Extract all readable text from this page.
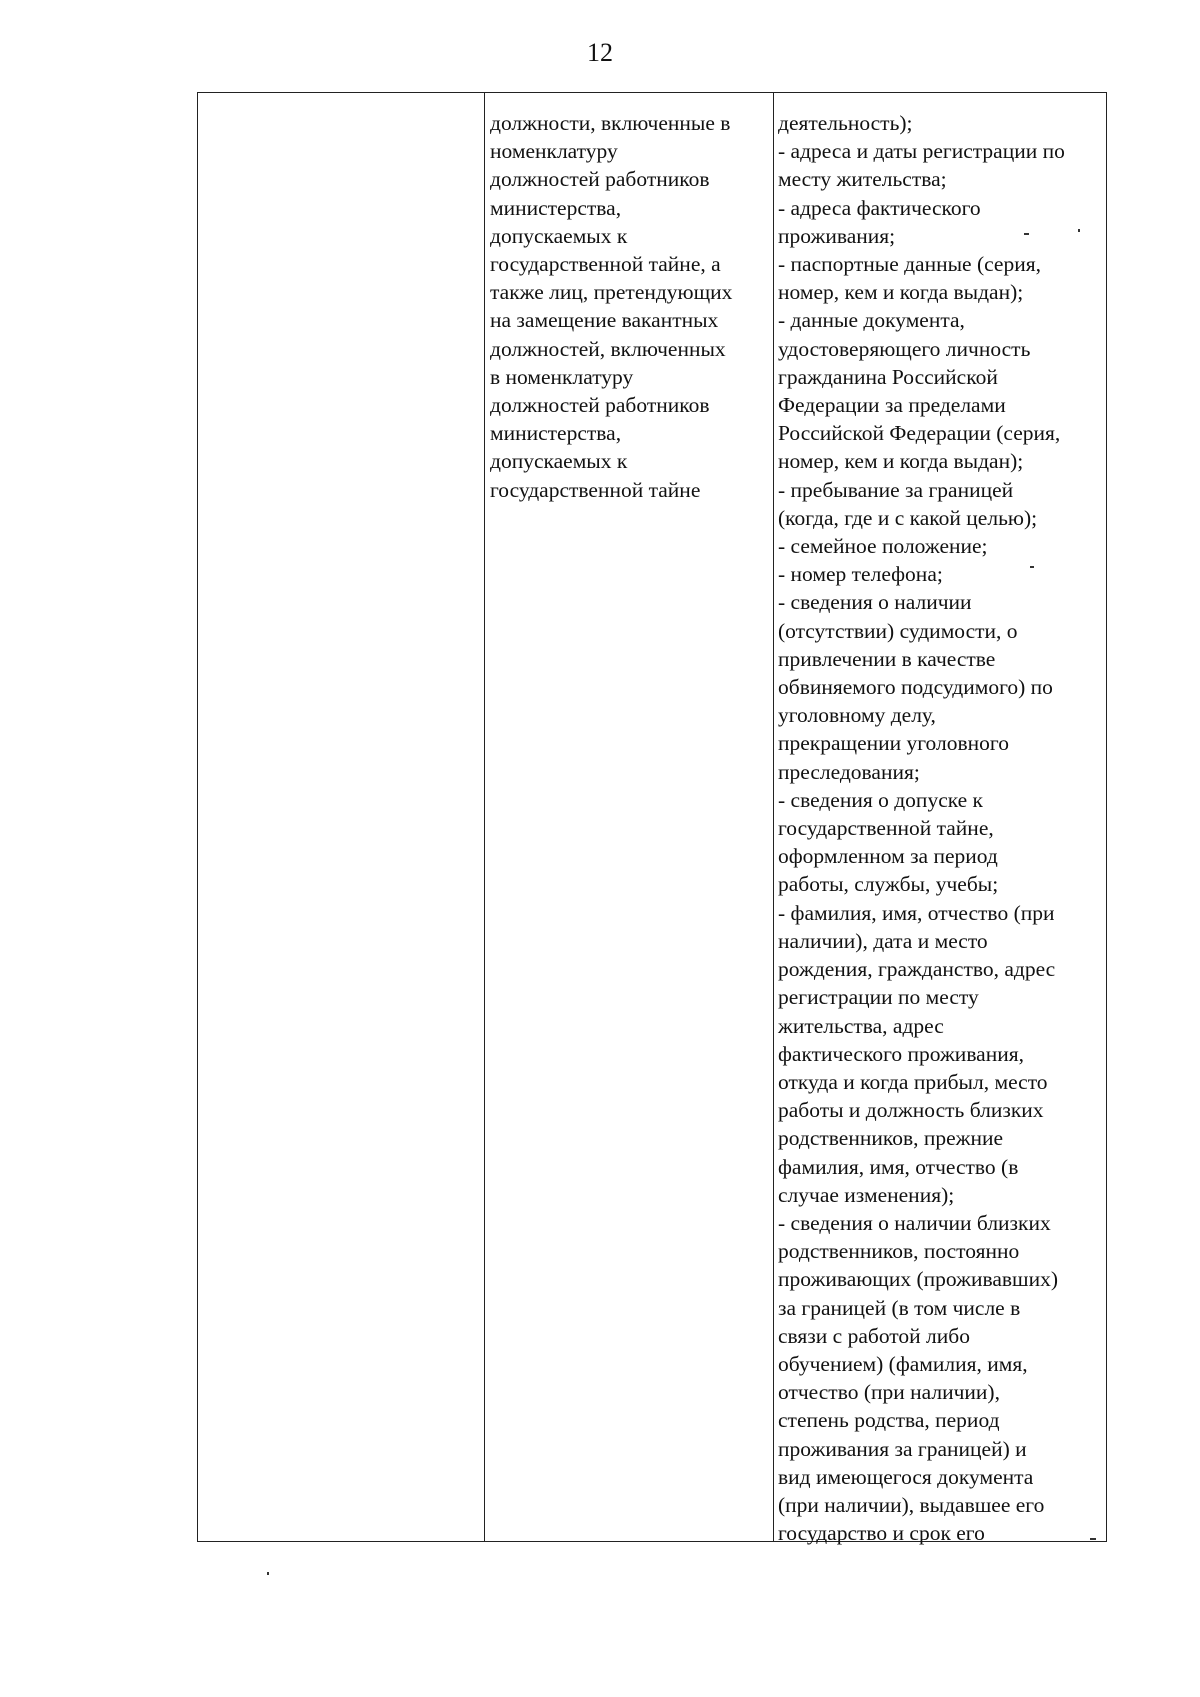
12
должности, включенные в
номенклатуру
должностей работников
министерства,
допускаемых к
государственной тайне, а
также лиц, претендующих
на замещение вакантных
должностей, включенных
в номенклатуру
должностей работников
министерства,
допускаемых к
государственной тайне
деятельность);
- адреса и даты регистрации по
месту жительства;
- адреса фактического
проживания;
- паспортные данные (серия,
номер, кем и когда выдан);
- данные документа,
удостоверяющего личность
гражданина Российской
Федерации за пределами
Российской Федерации (серия,
номер, кем и когда выдан);
- пребывание за границей
(когда, где и с какой целью);
- семейное положение;
- номер телефона;
- сведения о наличии
(отсутствии) судимости, о
привлечении в качестве
обвиняемого подсудимого) по
уголовному делу,
прекращении уголовного
преследования;
- сведения о допуске к
государственной тайне,
оформленном за период
работы, службы, учебы;
- фамилия, имя, отчество (при
наличии), дата и место
рождения, гражданство, адрес
регистрации по месту
жительства, адрес
фактического проживания,
откуда и когда прибыл, место
работы и должность близких
родственников, прежние
фамилия, имя, отчество (в
случае изменения);
- сведения о наличии близких
родственников, постоянно
проживающих (проживавших)
за границей (в том числе в
связи с работой либо
обучением) (фамилия, имя,
отчество (при наличии),
степень родства, период
проживания за границей) и
вид имеющегося документа
(при наличии), выдавшее его
государство и срок его
